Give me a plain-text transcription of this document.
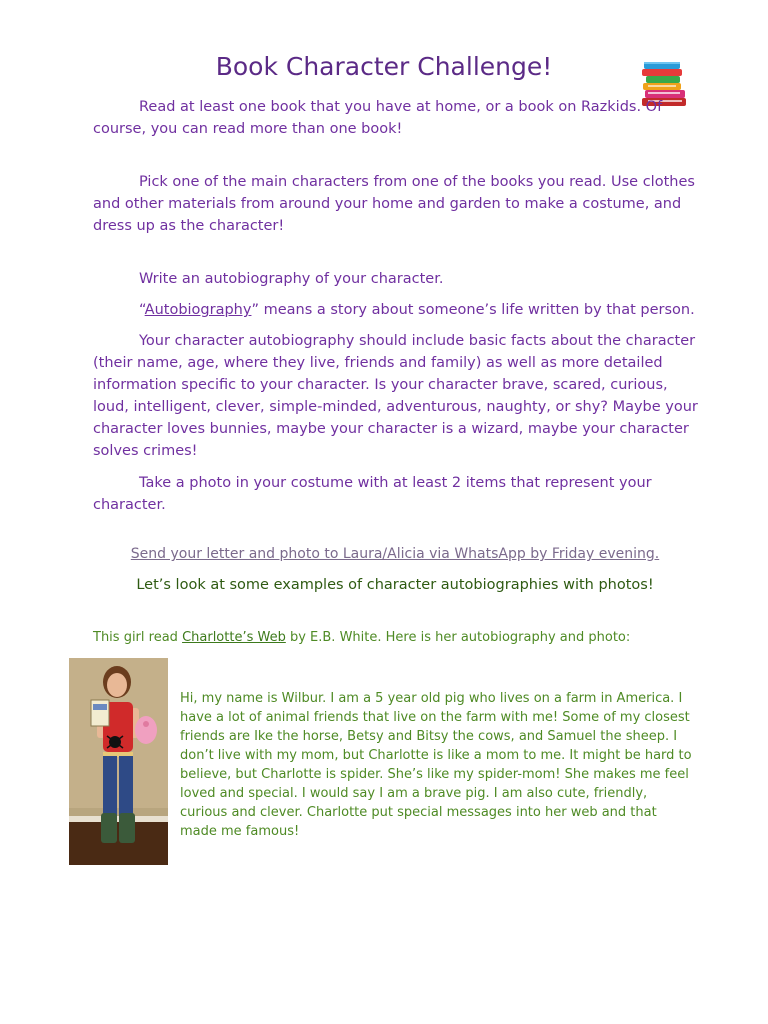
Book Character Challenge!

Read at least one book that you have at home, or a book on Razkids. Of course, you can read more than one book!

Pick one of the main characters from one of the books you read. Use clothes and other materials from around your home and garden to make a costume, and dress up as the character!

Write an autobiography of your character.

“Autobiography” means a story about someone’s life written by that person.

Your character autobiography should include basic facts about the character (their name, age, where they live, friends and family) as well as more detailed information specific to your character. Is your character brave, scared, curious, loud, intelligent, clever, simple-minded, adventurous, naughty, or shy? Maybe your character loves bunnies, maybe your character is a wizard, maybe your character solves crimes!

Take a photo in your costume with at least 2 items that represent your character.

Send your letter and photo to Laura/Alicia via WhatsApp by Friday evening.
Let’s look at some examples of character autobiographies with photos!
This girl read Charlotte’s Web by E.B. White. Here is her autobiography and photo:

Hi, my name is Wilbur. I am a 5 year old pig who lives on a farm in America. I have a lot of animal friends that live on the farm with me! Some of my closest friends are Ike the horse, Betsy and Bitsy the cows, and Samuel the sheep. I don’t live with my mom, but Charlotte is like a mom to me. It might be hard to believe, but Charlotte is spider. She’s like my spider-mom! She makes me feel loved and special. I would say I am a brave pig. I am also cute, friendly, curious and clever. Charlotte put special messages into her web and that made me famous!
